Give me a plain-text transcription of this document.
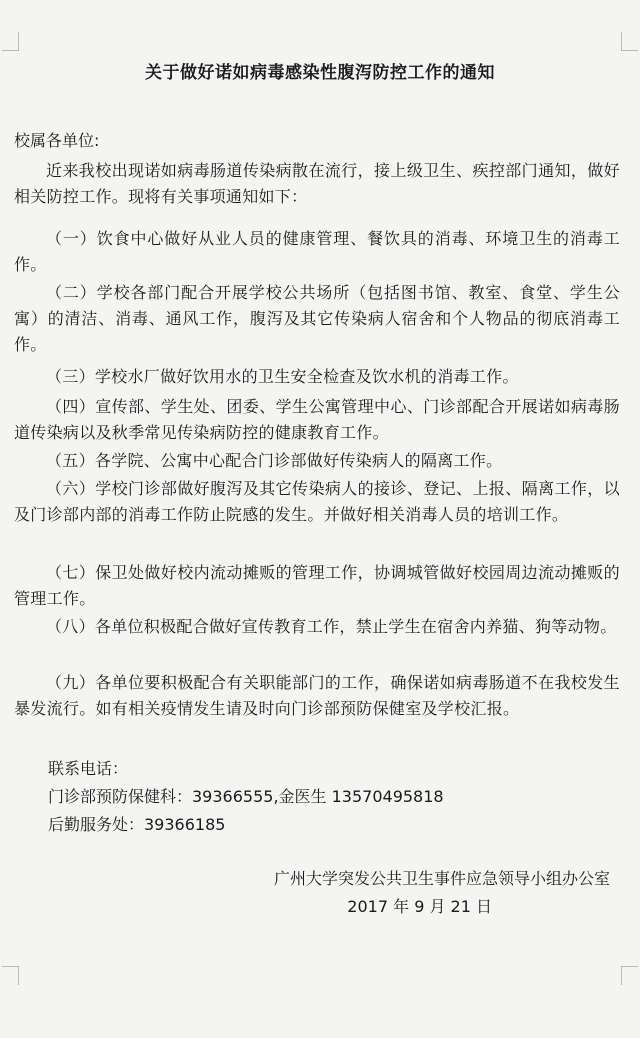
关于做好诺如病毒感染性腹泻防控工作的通知
校属各单位:
近来我校出现诺如病毒肠道传染病散在流行，接上级卫生、疾控部门通知，做好相关防控工作。现将有关事项通知如下：
（一）饮食中心做好从业人员的健康管理、餐饮具的消毒、环境卫生的消毒工作。
（二）学校各部门配合开展学校公共场所（包括图书馆、教室、食堂、学生公寓）的清洁、消毒、通风工作，腹泻及其它传染病人宿舍和个人物品的彻底消毒工作。
（三）学校水厂做好饮用水的卫生安全检查及饮水机的消毒工作。
（四）宣传部、学生处、团委、学生公寓管理中心、门诊部配合开展诺如病毒肠道传染病以及秋季常见传染病防控的健康教育工作。
（五）各学院、公寓中心配合门诊部做好传染病人的隔离工作。
（六）学校门诊部做好腹泻及其它传染病人的接诊、登记、上报、隔离工作，以及门诊部内部的消毒工作防止院感的发生。并做好相关消毒人员的培训工作。
（七）保卫处做好校内流动摊贩的管理工作，协调城管做好校园周边流动摊贩的管理工作。
（八）各单位积极配合做好宣传教育工作，禁止学生在宿舍内养猫、狗等动物。
（九）各单位要积极配合有关职能部门的工作，确保诺如病毒肠道不在我校发生暴发流行。如有相关疫情发生请及时向门诊部预防保健室及学校汇报。
联系电话：
门诊部预防保健科：39366555,金医生 13570495818
后勤服务处：39366185
广州大学突发公共卫生事件应急领导小组办公室
2017 年 9 月 21 日
